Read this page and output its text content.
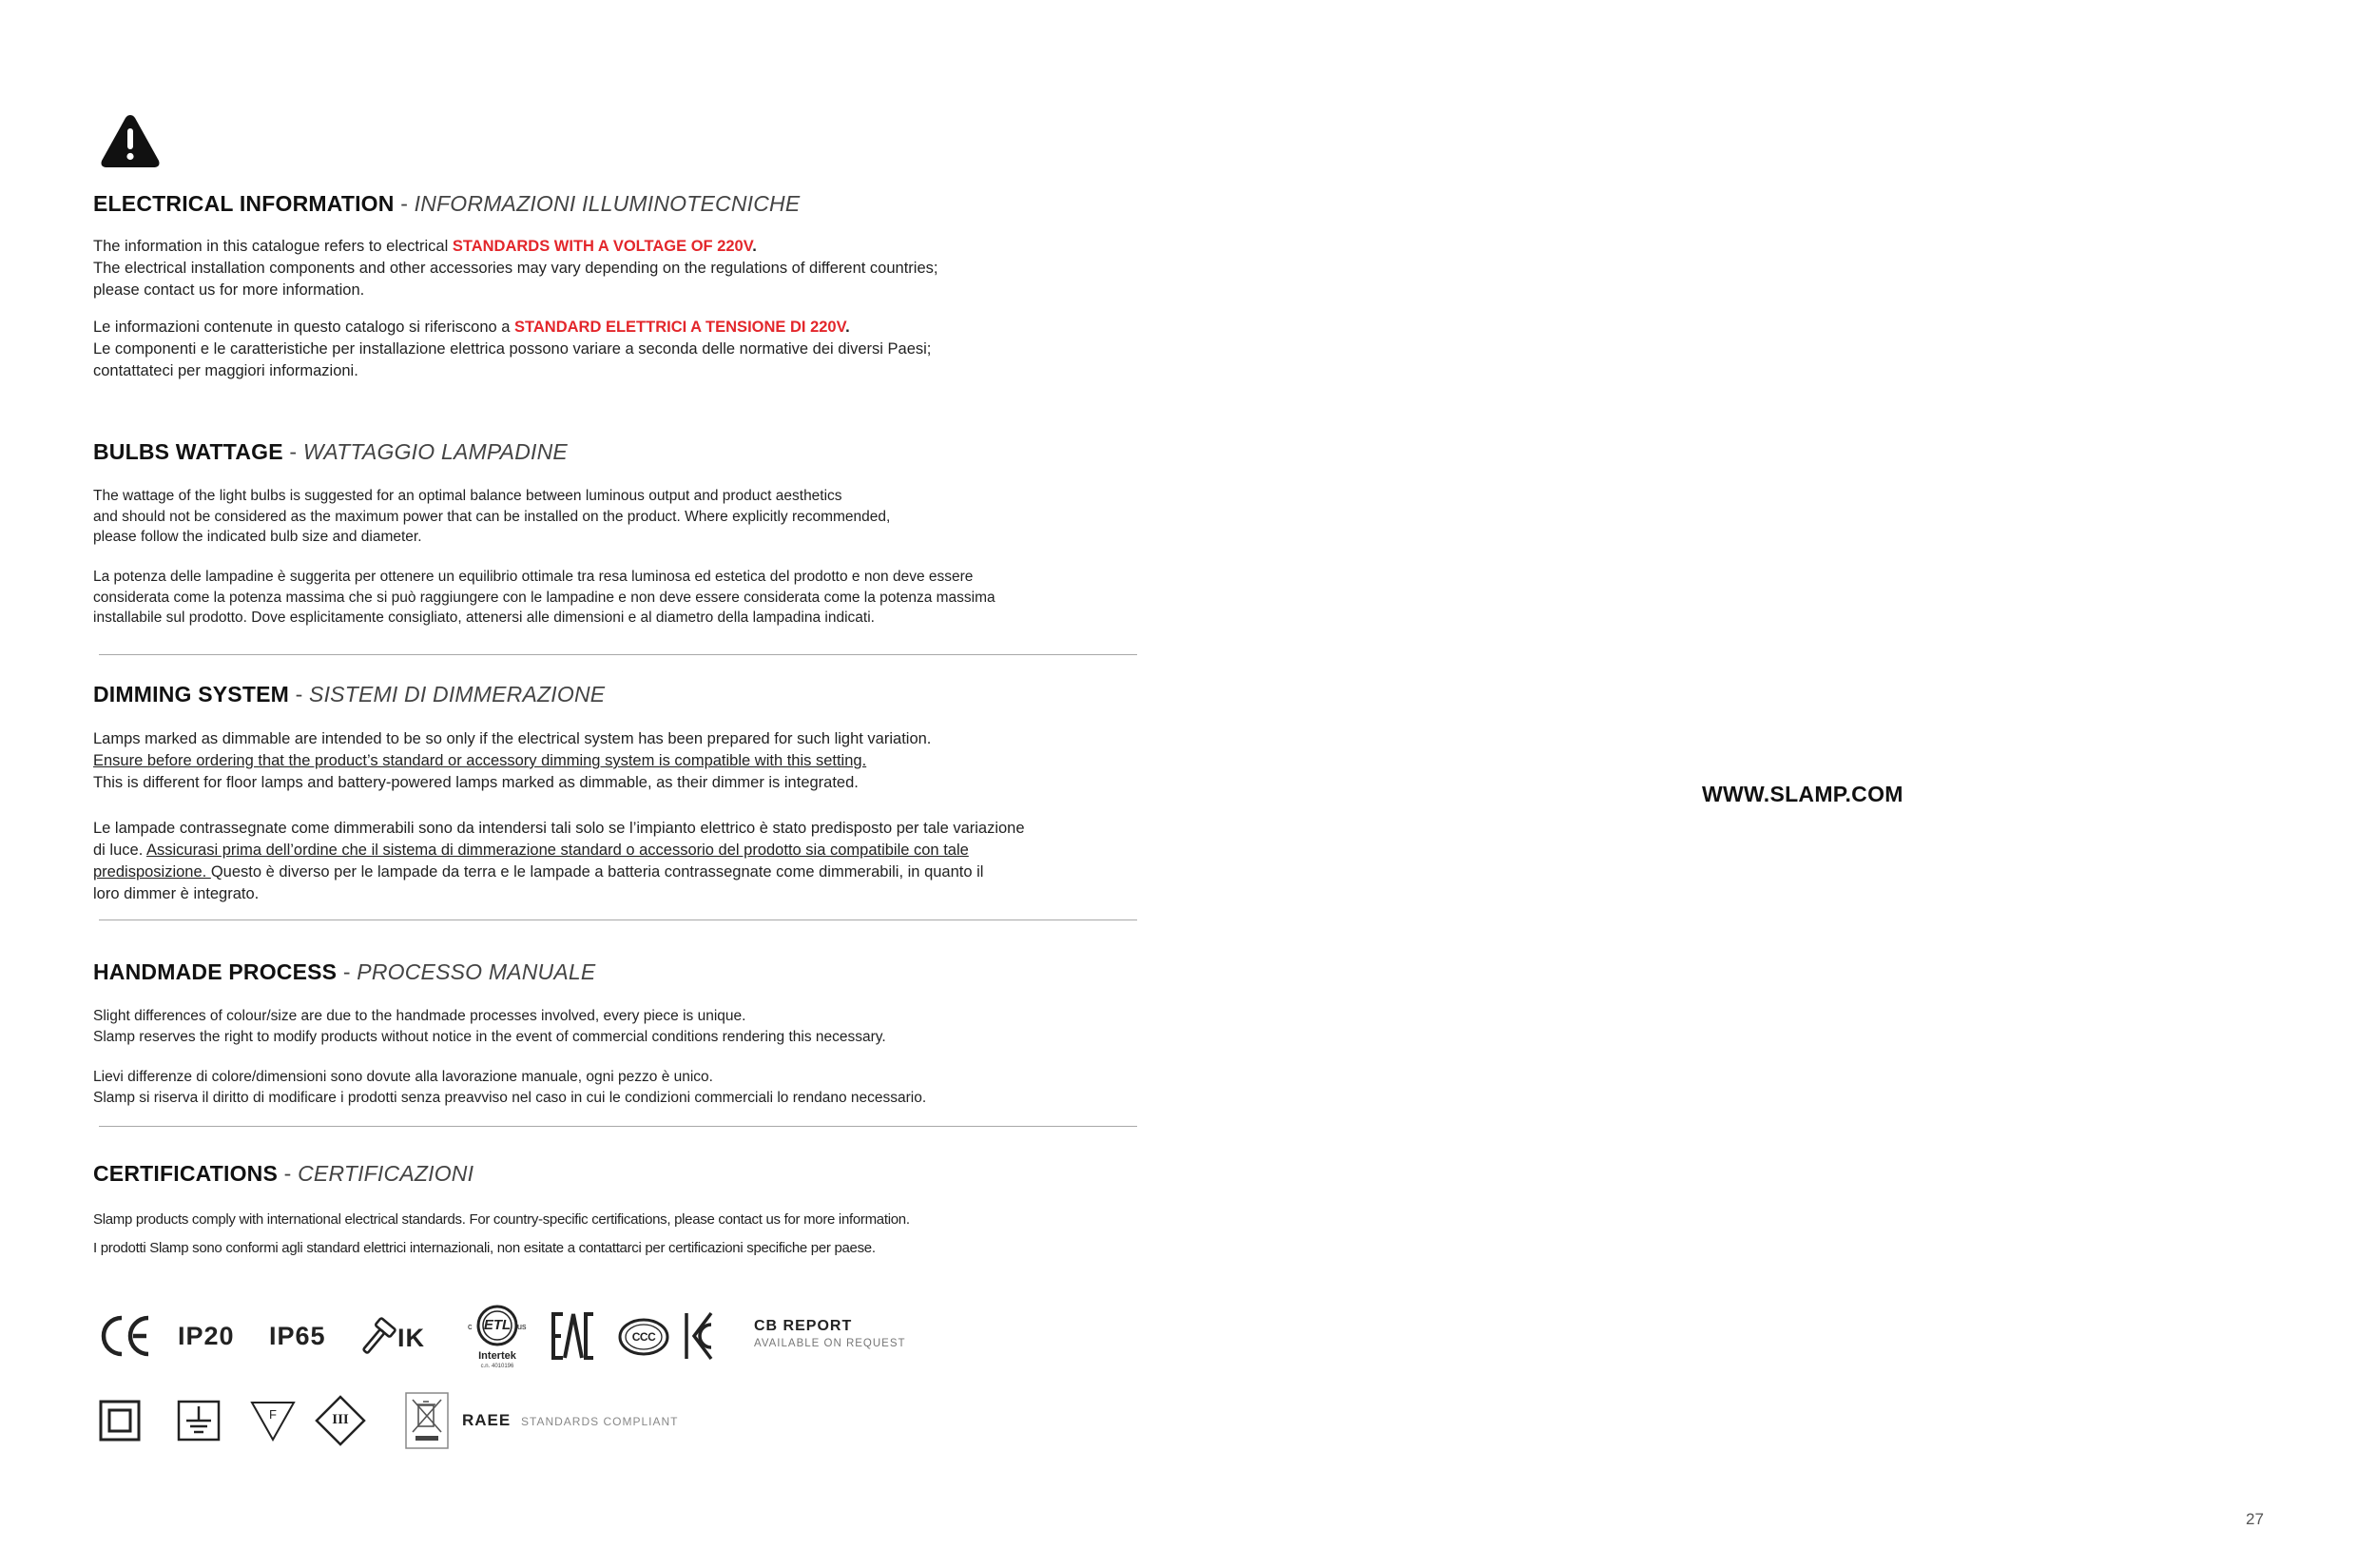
ELECTRICAL INFORMATION - INFORMAZIONI ILLUMINOTECNICHE

The information in this catalogue refers to electrical STANDARDS WITH A VOLTAGE OF 220V.
The electrical installation components and other accessories may vary depending on the regulations of different countries;
please contact us for more information.

Le informazioni contenute in questo catalogo si riferiscono a STANDARD ELETTRICI A TENSIONE DI 220V.
Le componenti e le caratteristiche per installazione elettrica possono variare a seconda delle normative dei diversi Paesi;
contattateci per maggiori informazioni.

BULBS WATTAGE - WATTAGGIO LAMPADINE

The wattage of the light bulbs is suggested for an optimal balance between luminous output and product aesthetics
and should not be considered as the maximum power that can be installed on the product. Where explicitly recommended,
please follow the indicated bulb size and diameter.

La potenza delle lampadine è suggerita per ottenere un equilibrio ottimale tra resa luminosa ed estetica del prodotto e non deve essere
considerata come la potenza massima che si può raggiungere con le lampadine e non deve essere considerata come la potenza massima
installabile sul prodotto. Dove esplicitamente consigliato, attenersi alle dimensioni e al diametro della lampadina indicati.

DIMMING SYSTEM - SISTEMI DI DIMMERAZIONE

Lamps marked as dimmable are intended to be so only if the electrical system has been prepared for such light variation.
Ensure before ordering that the product’s standard or accessory dimming system is compatible with this setting.
This is different for floor lamps and battery-powered lamps marked as dimmable, as their dimmer is integrated.

Le lampade contrassegnate come dimmerabili sono da intendersi tali solo se l’impianto elettrico è stato predisposto per tale variazione
di luce. Assicurasi prima dell’ordine che il sistema di dimmerazione standard o accessorio del prodotto sia compatibile con tale
predisposizione. Questo è diverso per le lampade da terra e le lampade a batteria contrassegnate come dimmerabili, in quanto il
loro dimmer è integrato.

HANDMADE PROCESS - PROCESSO MANUALE

Slight differences of colour/size are due to the handmade processes involved, every piece is unique.
Slamp reserves the right to modify products without notice in the event of commercial conditions rendering this necessary.

Lievi differenze di colore/dimensioni sono dovute alla lavorazione manuale, ogni pezzo è unico.
Slamp si riserva il diritto di modificare i prodotti senza preavviso nel caso in cui le condizioni commerciali lo rendano necessario.

CERTIFICATIONS - CERTIFICAZIONI

Slamp products comply with international electrical standards. For country-specific certifications, please contact us for more information.
I prodotti Slamp sono conformi agli standard elettrici internazionali, non esitate a contattarci per certificazioni specifiche per paese.

IP20 IP65	IK	ETL
c	us
Intertek
c.n. 4010196
CCC
CB REPORT
AVAILABLE ON REQUEST
F	III	RAEE STANDARDS COMPLIANT
WWW.SLAMP.COM
27
